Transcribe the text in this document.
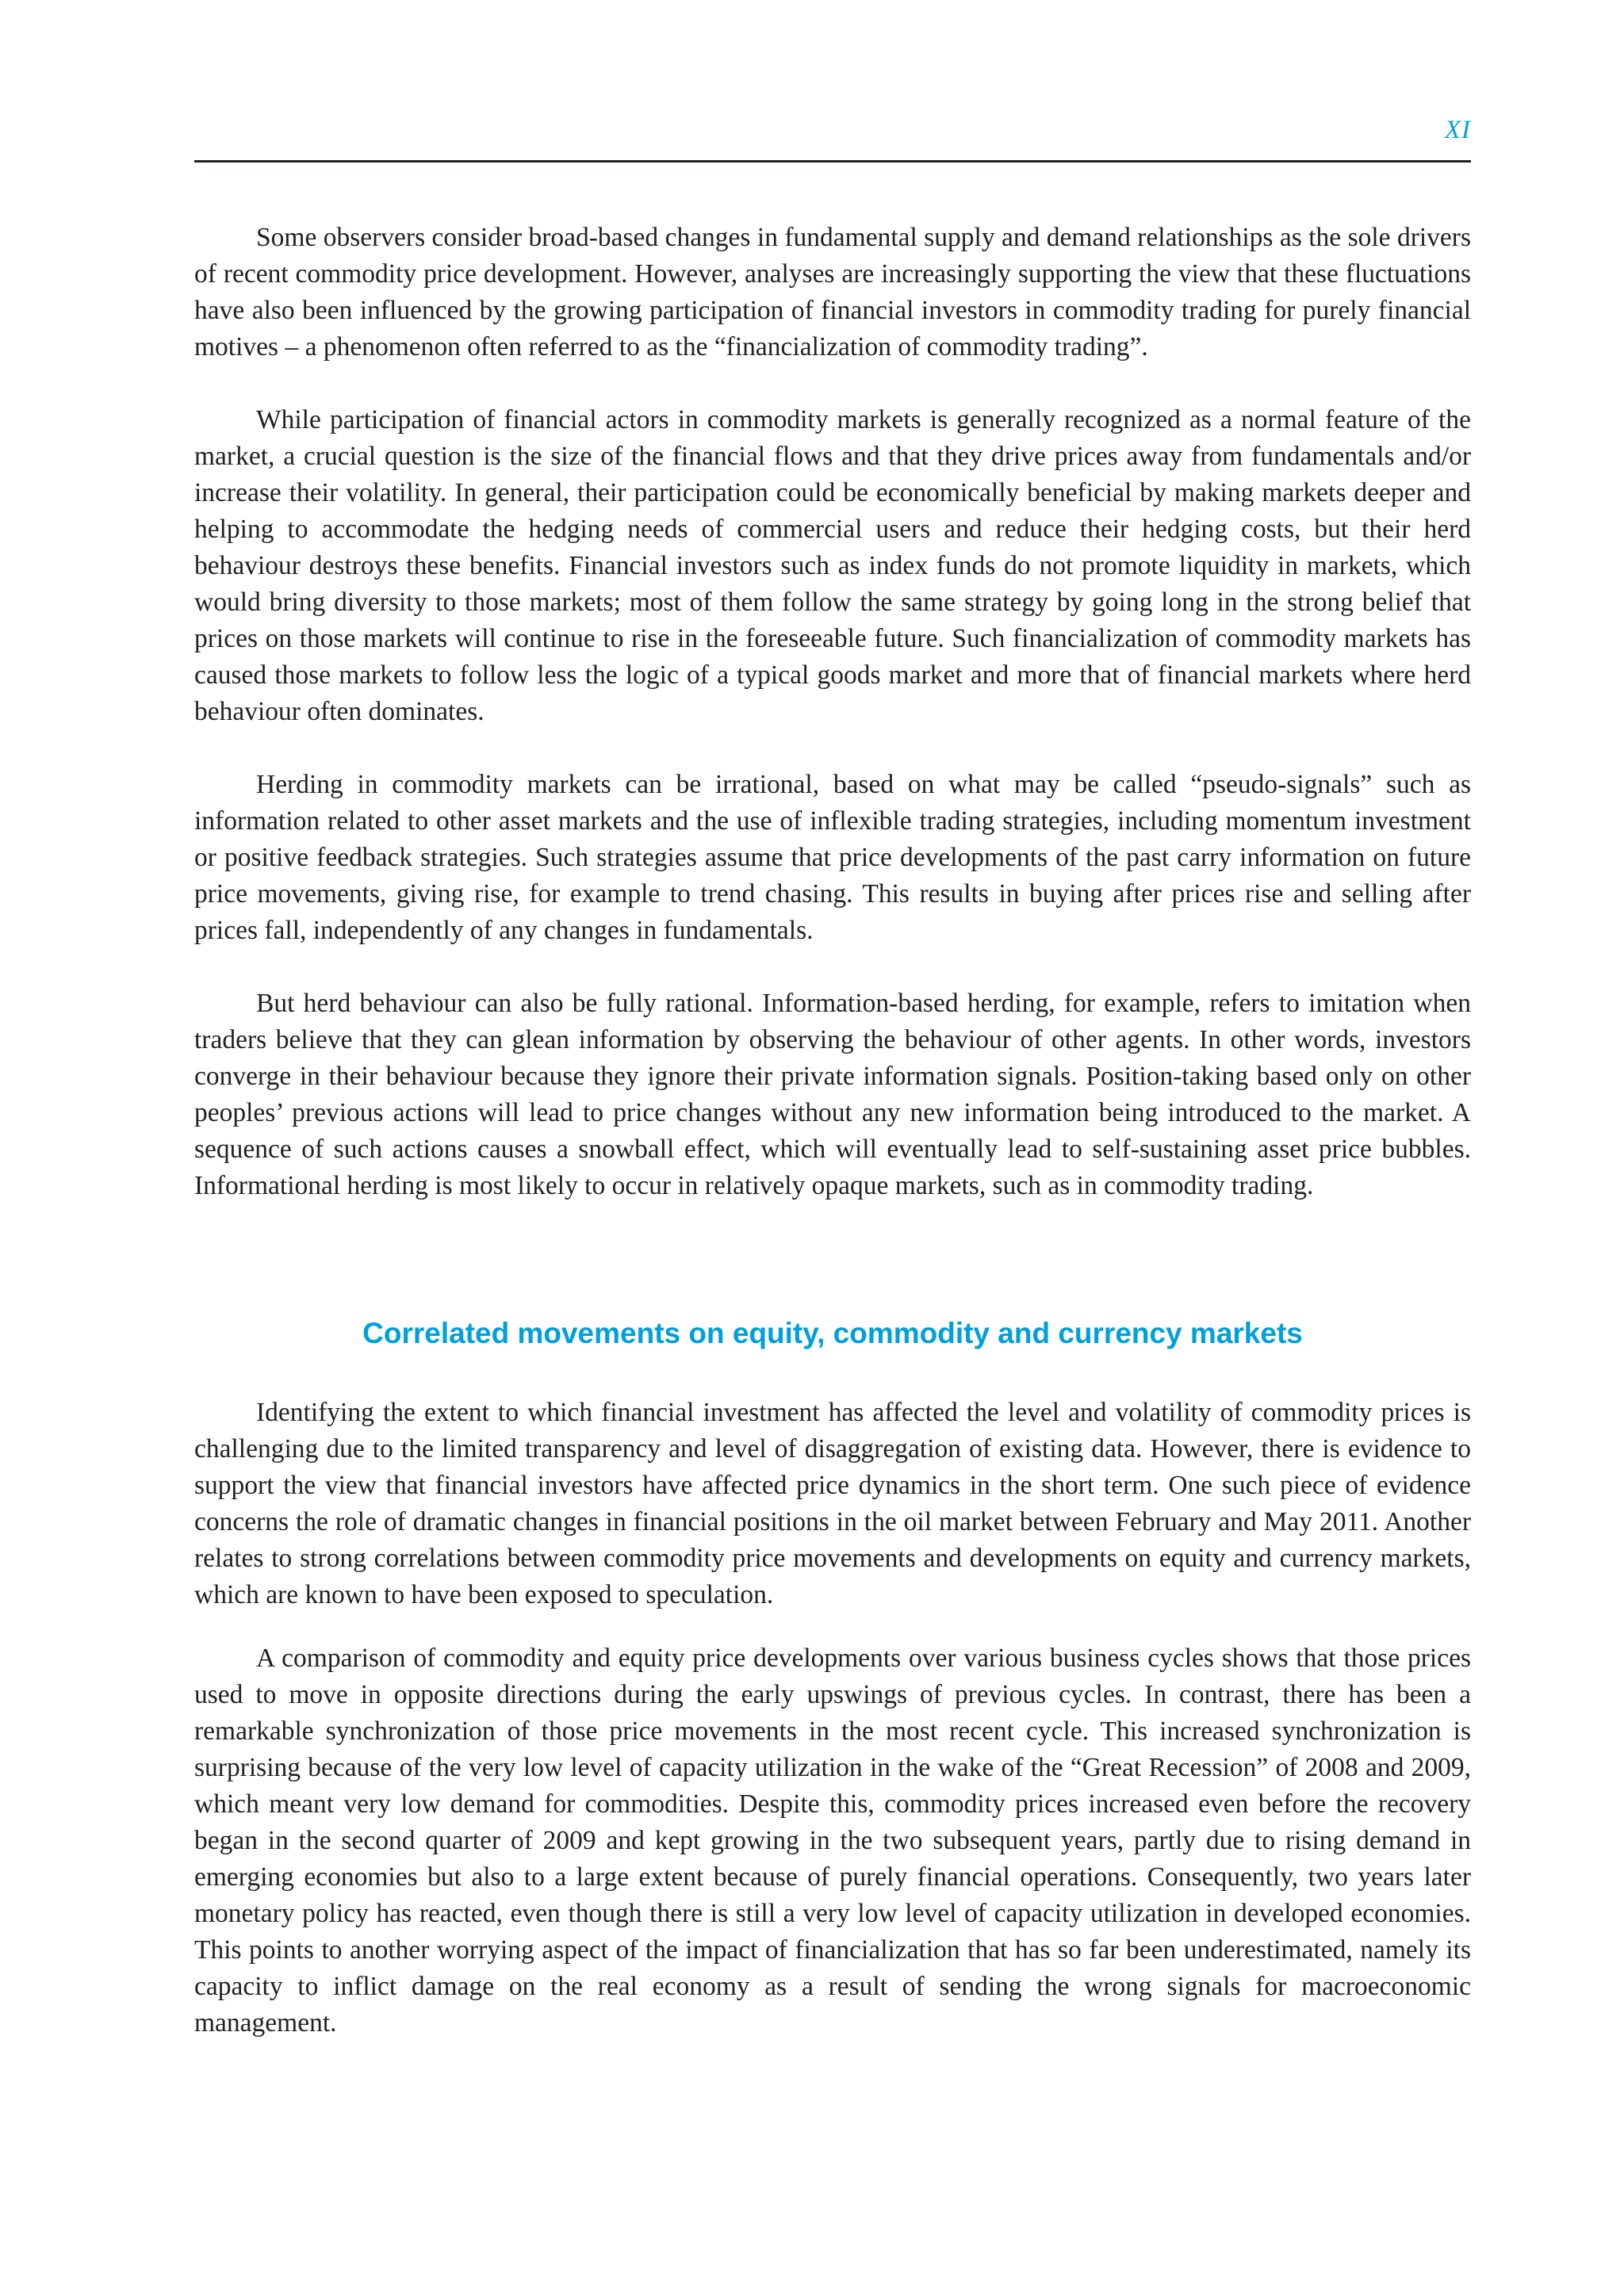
XI

Some observers consider broad-based changes in fundamental supply and demand relationships as the sole drivers of recent commodity price development. However, analyses are increasingly supporting the view that these fluctuations have also been influenced by the growing participation of financial investors in commodity trading for purely financial motives – a phenomenon often referred to as the “financialization of commodity trading”.

While participation of financial actors in commodity markets is generally recognized as a normal feature of the market, a crucial question is the size of the financial flows and that they drive prices away from fundamentals and/or increase their volatility. In general, their participation could be economically beneficial by making markets deeper and helping to accommodate the hedging needs of commercial users and reduce their hedging costs, but their herd behaviour destroys these benefits. Financial investors such as index funds do not promote liquidity in markets, which would bring diversity to those markets; most of them follow the same strategy by going long in the strong belief that prices on those markets will continue to rise in the foreseeable future. Such financialization of commodity markets has caused those markets to follow less the logic of a typical goods market and more that of financial markets where herd behaviour often dominates.

Herding in commodity markets can be irrational, based on what may be called “pseudo-signals” such as information related to other asset markets and the use of inflexible trading strategies, including momentum investment or positive feedback strategies. Such strategies assume that price developments of the past carry information on future price movements, giving rise, for example to trend chasing. This results in buying after prices rise and selling after prices fall, independently of any changes in fundamentals.

But herd behaviour can also be fully rational. Information-based herding, for example, refers to imitation when traders believe that they can glean information by observing the behaviour of other agents. In other words, investors converge in their behaviour because they ignore their private information signals. Position-taking based only on other peoples’ previous actions will lead to price changes without any new information being introduced to the market. A sequence of such actions causes a snowball effect, which will eventually lead to self-sustaining asset price bubbles. Informational herding is most likely to occur in relatively opaque markets, such as in commodity trading.

Correlated movements on equity, commodity and currency markets

Identifying the extent to which financial investment has affected the level and volatility of commodity prices is challenging due to the limited transparency and level of disaggregation of existing data. However, there is evidence to support the view that financial investors have affected price dynamics in the short term. One such piece of evidence concerns the role of dramatic changes in financial positions in the oil market between February and May 2011. Another relates to strong correlations between commodity price movements and developments on equity and currency markets, which are known to have been exposed to speculation.

A comparison of commodity and equity price developments over various business cycles shows that those prices used to move in opposite directions during the early upswings of previous cycles. In contrast, there has been a remarkable synchronization of those price movements in the most recent cycle. This increased synchronization is surprising because of the very low level of capacity utilization in the wake of the “Great Recession” of 2008 and 2009, which meant very low demand for commodities. Despite this, commodity prices increased even before the recovery began in the second quarter of 2009 and kept growing in the two subsequent years, partly due to rising demand in emerging economies but also to a large extent because of purely financial operations. Consequently, two years later monetary policy has reacted, even though there is still a very low level of capacity utilization in developed economies. This points to another worrying aspect of the impact of financialization that has so far been underestimated, namely its capacity to inflict damage on the real economy as a result of sending the wrong signals for macroeconomic management.
